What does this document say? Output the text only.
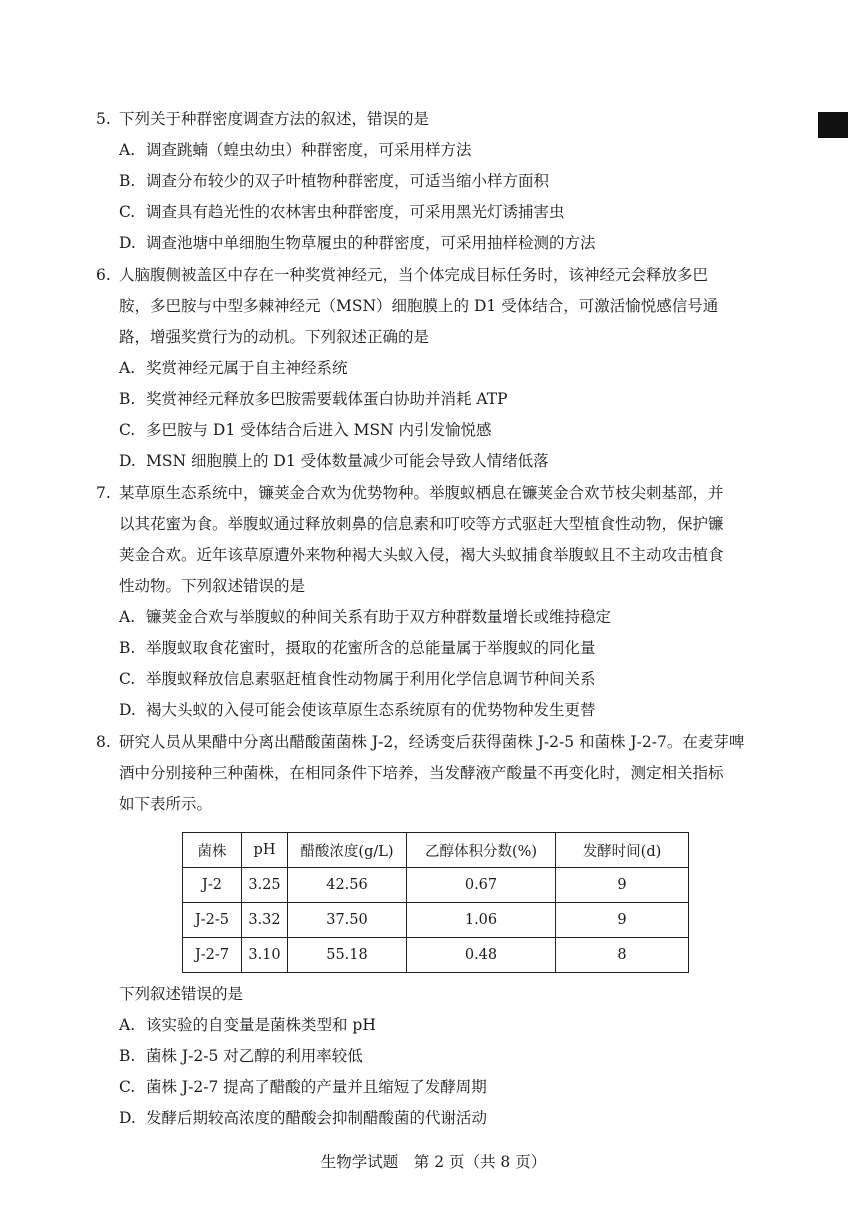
5. 下列关于种群密度调查方法的叙述，错误的是
A. 调查跳蝻（蝗虫幼虫）种群密度，可采用样方法
B. 调查分布较少的双子叶植物种群密度，可适当缩小样方面积
C. 调查具有趋光性的农林害虫种群密度，可采用黑光灯诱捕害虫
D. 调查池塘中单细胞生物草履虫的种群密度，可采用抽样检测的方法
6. 人脑腹侧被盖区中存在一种奖赏神经元，当个体完成目标任务时，该神经元会释放多巴
胺，多巴胺与中型多棘神经元（MSN）细胞膜上的 D1 受体结合，可激活愉悦感信号通
路，增强奖赏行为的动机。下列叙述正确的是
A. 奖赏神经元属于自主神经系统
B. 奖赏神经元释放多巴胺需要载体蛋白协助并消耗 ATP
C. 多巴胺与 D1 受体结合后进入 MSN 内引发愉悦感
D. MSN 细胞膜上的 D1 受体数量减少可能会导致人情绪低落
7. 某草原生态系统中，镰荚金合欢为优势物种。举腹蚁栖息在镰荚金合欢节枝尖刺基部，并
以其花蜜为食。举腹蚁通过释放刺鼻的信息素和叮咬等方式驱赶大型植食性动物，保护镰
荚金合欢。近年该草原遭外来物种褐大头蚁入侵，褐大头蚁捕食举腹蚁且不主动攻击植食
性动物。下列叙述错误的是
A. 镰荚金合欢与举腹蚁的种间关系有助于双方种群数量增长或维持稳定
B. 举腹蚁取食花蜜时，摄取的花蜜所含的总能量属于举腹蚁的同化量
C. 举腹蚁释放信息素驱赶植食性动物属于利用化学信息调节种间关系
D. 褐大头蚁的入侵可能会使该草原生态系统原有的优势物种发生更替
8. 研究人员从果醋中分离出醋酸菌菌株 J-2，经诱变后获得菌株 J-2-5 和菌株 J-2-7。在麦芽啤
酒中分别接种三种菌株，在相同条件下培养，当发酵液产酸量不再变化时，测定相关指标
如下表所示。
菌株	pH	醋酸浓度(g/L)	乙醇体积分数(%)	发酵时间(d)
J-2	3.25	42.56	0.67	9
J-2-5	3.32	37.50	1.06	9
J-2-7	3.10	55.18	0.48	8
下列叙述错误的是
A. 该实验的自变量是菌株类型和 pH
B. 菌株 J-2-5 对乙醇的利用率较低
C. 菌株 J-2-7 提高了醋酸的产量并且缩短了发酵周期
D. 发酵后期较高浓度的醋酸会抑制醋酸菌的代谢活动
生物学试题　第 2 页（共 8 页）
